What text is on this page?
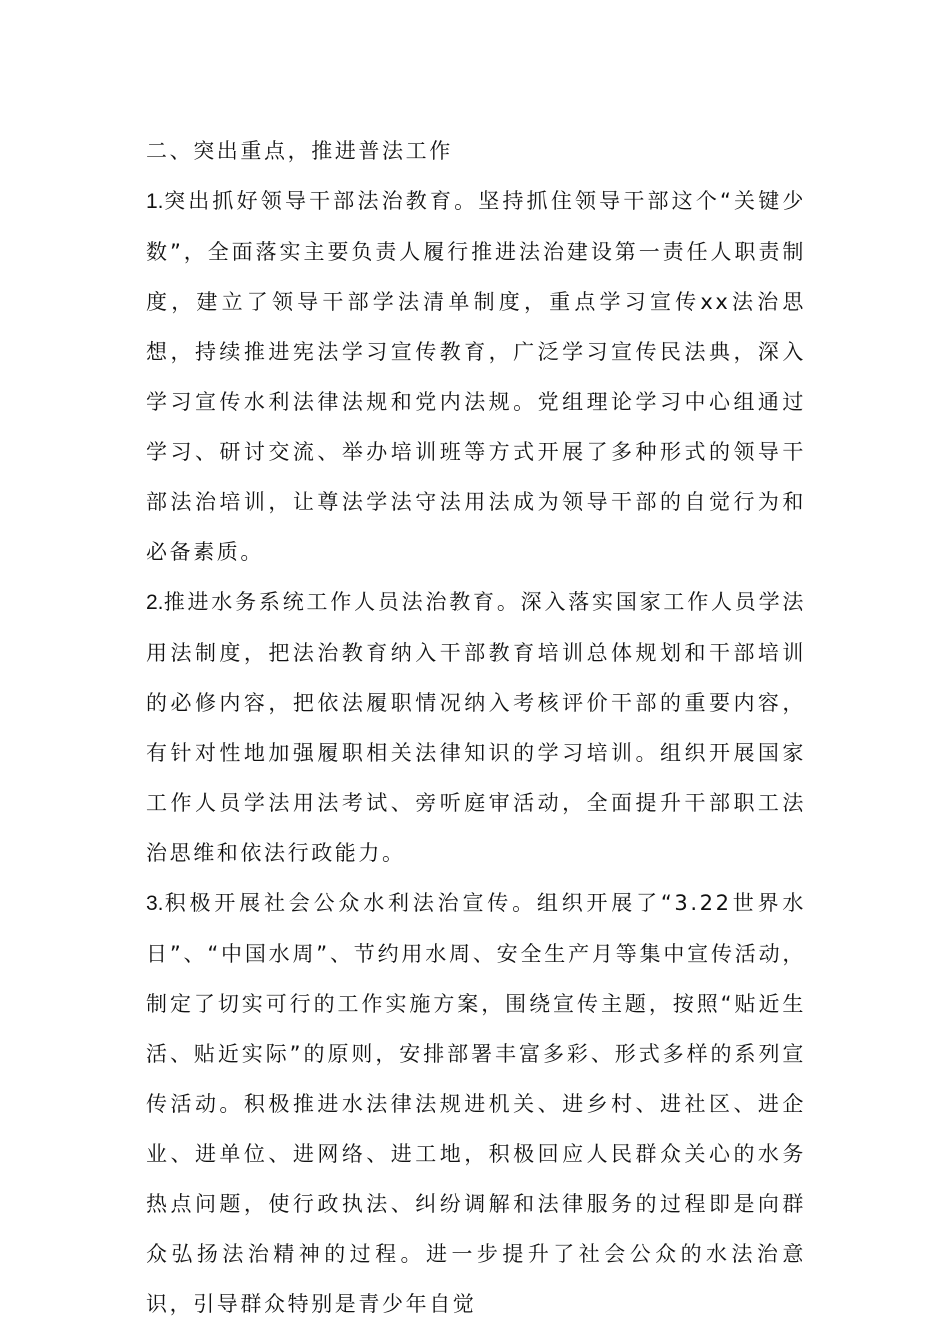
二、突出重点，推进普法工作

1.突出抓好领导干部法治教育。坚持抓住领导干部这个“关键少数”，全面落实主要负责人履行推进法治建设第一责任人职责制度，建立了领导干部学法清单制度，重点学习宣传xx法治思想，持续推进宪法学习宣传教育，广泛学习宣传民法典，深入学习宣传水利法律法规和党内法规。党组理论学习中心组通过学习、研讨交流、举办培训班等方式开展了多种形式的领导干部法治培训，让尊法学法守法用法成为领导干部的自觉行为和必备素质。

2.推进水务系统工作人员法治教育。深入落实国家工作人员学法用法制度，把法治教育纳入干部教育培训总体规划和干部培训的必修内容，把依法履职情况纳入考核评价干部的重要内容，有针对性地加强履职相关法律知识的学习培训。组织开展国家工作人员学法用法考试、旁听庭审活动，全面提升干部职工法治思维和依法行政能力。

3.积极开展社会公众水利法治宣传。组织开展了“3.22世界水日”、“中国水周”、节约用水周、安全生产月等集中宣传活动，制定了切实可行的工作实施方案，围绕宣传主题，按照“贴近生活、贴近实际”的原则，安排部署丰富多彩、形式多样的系列宣传活动。积极推进水法律法规进机关、进乡村、进社区、进企业、进单位、进网络、进工地，积极回应人民群众关心的水务热点问题，使行政执法、纠纷调解和法律服务的过程即是向群众弘扬法治精神的过程。进一步提升了社会公众的水法治意识，引导群众特别是青少年自觉
